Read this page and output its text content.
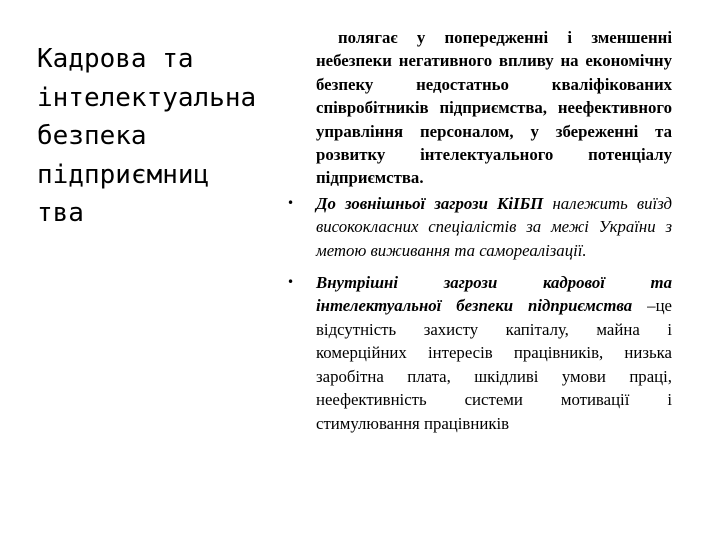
Кадрова та
інтелектуальна
безпека
підприємниц
тва

полягає у попередженні і зменшенні небезпеки негативного впливу на економічну безпеку недостатньо кваліфікованих співробітників підприємства, неефективного управління персоналом, у збереженні та розвитку інтелектуального потенціалу підприємства.

• До зовнішньої загрози КіІБП належить виїзд висококласних спеціалістів за межі України з метою виживання та самореалізації.
• Внутрішні загрози кадрової та інтелектуальної безпеки підприємства –це відсутність захисту капіталу, майна і комерційних інтересів працівників, низька заробітна плата, шкідливі умови праці, неефективність системи мотивації і стимулювання працівників
